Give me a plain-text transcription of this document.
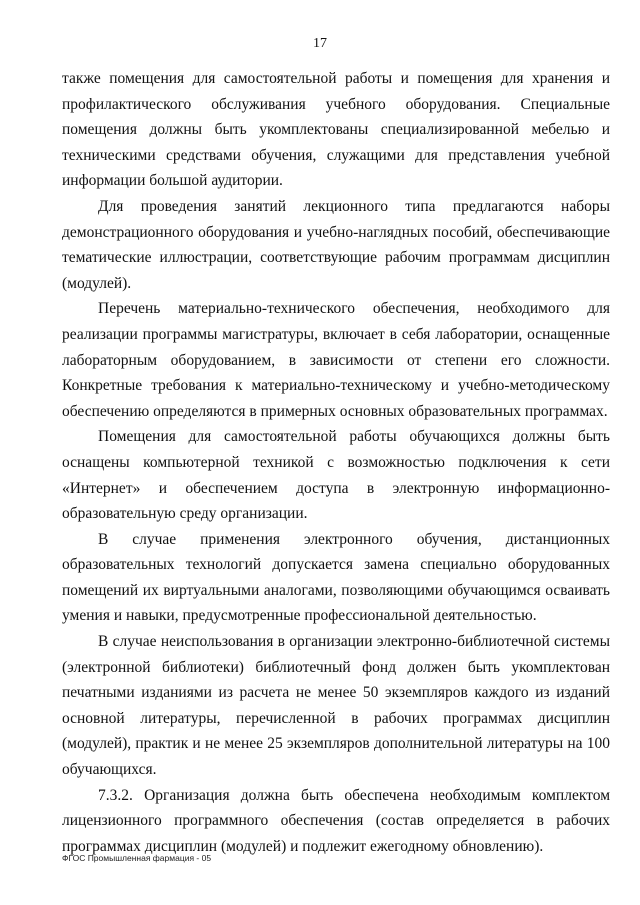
17

также помещения для самостоятельной работы и помещения для хранения и профилактического обслуживания учебного оборудования. Специальные помещения должны быть укомплектованы специализированной мебелью и техническими средствами обучения, служащими для представления учебной информации большой аудитории.

Для проведения занятий лекционного типа предлагаются наборы демонстрационного оборудования и учебно-наглядных пособий, обеспечивающие тематические иллюстрации, соответствующие рабочим программам дисциплин (модулей).

Перечень материально-технического обеспечения, необходимого для реализации программы магистратуры, включает в себя лаборатории, оснащенные лабораторным оборудованием, в зависимости от степени его сложности. Конкретные требования к материально-техническому и учебно-методическому обеспечению определяются в примерных основных образовательных программах.

Помещения для самостоятельной работы обучающихся должны быть оснащены компьютерной техникой с возможностью подключения к сети «Интернет» и обеспечением доступа в электронную информационно-образовательную среду организации.

В случае применения электронного обучения, дистанционных образовательных технологий допускается замена специально оборудованных помещений их виртуальными аналогами, позволяющими обучающимся осваивать умения и навыки, предусмотренные профессиональной деятельностью.

В случае неиспользования в организации электронно-библиотечной системы (электронной библиотеки) библиотечный фонд должен быть укомплектован печатными изданиями из расчета не менее 50 экземпляров каждого из изданий основной литературы, перечисленной в рабочих программах дисциплин (модулей), практик и не менее 25 экземпляров дополнительной литературы на 100 обучающихся.

7.3.2. Организация должна быть обеспечена необходимым комплектом лицензионного программного обеспечения (состав определяется в рабочих программах дисциплин (модулей) и подлежит ежегодному обновлению).

ФГОС Промышленная фармация - 05
